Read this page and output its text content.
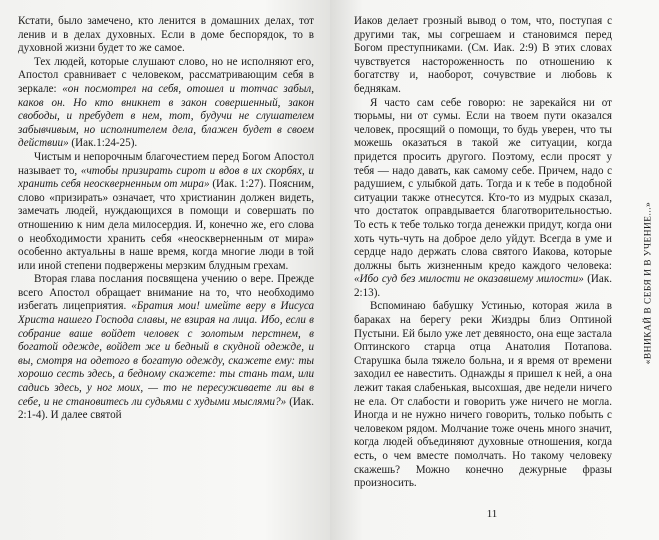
Кстати, было замечено, кто ленится в домашних делах, тот ленив и в делах духовных. Если в доме беспорядок, то в духовной жизни будет то же самое.

Тех людей, которые слушают слово, но не исполняют его, Апостол сравнивает с человеком, рассматривающим себя в зеркале: «он посмотрел на себя, отошел и тотчас забыл, каков он. Но кто вникнет в закон совершенный, закон свободы, и пребудет в нем, тот, будучи не слушателем забывчивым, но исполнителем дела, блажен будет в своем действии» (Иак.1:24-25).

Чистым и непорочным благочестием перед Богом Апостол называет то, «чтобы призирать сирот и вдов в их скорбях, и хранить себя неоскверненным от мира» (Иак. 1:27). Поясним, слово «призирать» означает, что христианин должен видеть, замечать людей, нуждающихся в помощи и совершать по отношению к ним дела милосердия. И, конечно же, его слова о необходимости хранить себя «неоскверненным от мира» особенно актуальны в наше время, когда многие люди в той или иной степени подвержены мерзким блудным грехам.

Вторая глава послания посвящена учению о вере. Прежде всего Апостол обращает внимание на то, что необходимо избегать лицеприятия. «Братия мои! имейте веру в Иисуса Христа нашего Господа славы, не взирая на лица. Ибо, если в собрание ваше войдет человек с золотым перстнем, в богатой одежде, войдет же и бедный в скудной одежде, и вы, смотря на одетого в богатую одежду, скажете ему: ты хорошо сесть здесь, а бедному скажете: ты стань там, или садись здесь, у ног моих, — то не пересуживаете ли вы в себе, и не становитесь ли судьями с худыми мыслями?» (Иак. 2:1-4). И далее святой

Иаков делает грозный вывод о том, что, поступая с другими так, мы согрешаем и становимся перед Богом преступниками. (См. Иак. 2:9) В этих словах чувствуется настороженность по отношению к богатству и, наоборот, сочувствие и любовь к беднякам.

Я часто сам себе говорю: не зарекайся ни от тюрьмы, ни от сумы. Если на твоем пути оказался человек, просящий о помощи, то будь уверен, что ты можешь оказаться в такой же ситуации, когда придется просить другого. Поэтому, если просят у тебя — надо давать, как самому себе. Причем, надо с радушием, с улыбкой дать. Тогда и к тебе в подобной ситуации также отнесутся. Кто-то из мудрых сказал, что достаток оправдывается благотворительностью. То есть к тебе только тогда денежки придут, когда они хоть чуть-чуть на доброе дело уйдут. Всегда в уме и сердце надо держать слова святого Иакова, которые должны быть жизненным кредо каждого человека: «Ибо суд без милости не оказавшему милости» (Иак. 2:13).

Вспоминаю бабушку Устинью, которая жила в бараках на берегу реки Жиздры близ Оптиной Пустыни. Ей было уже лет девяносто, она еще застала Оптинского старца отца Анатолия Потапова. Старушка была тяжело больна, и я время от времени заходил ее навестить. Однажды я пришел к ней, а она лежит такая слабенькая, высохшая, две недели ничего не ела. От слабости и говорить уже ничего не могла. Иногда и не нужно ничего говорить, только побыть с человеком рядом. Молчание тоже очень много значит, когда людей объединяют духовные отношения, когда есть, о чем вместе помолчать. Но такому человеку скажешь? Можно конечно дежурные фразы произносить.

11
«ВНИКАЙ В СЕБЯ И В УЧЕНИЕ...»
